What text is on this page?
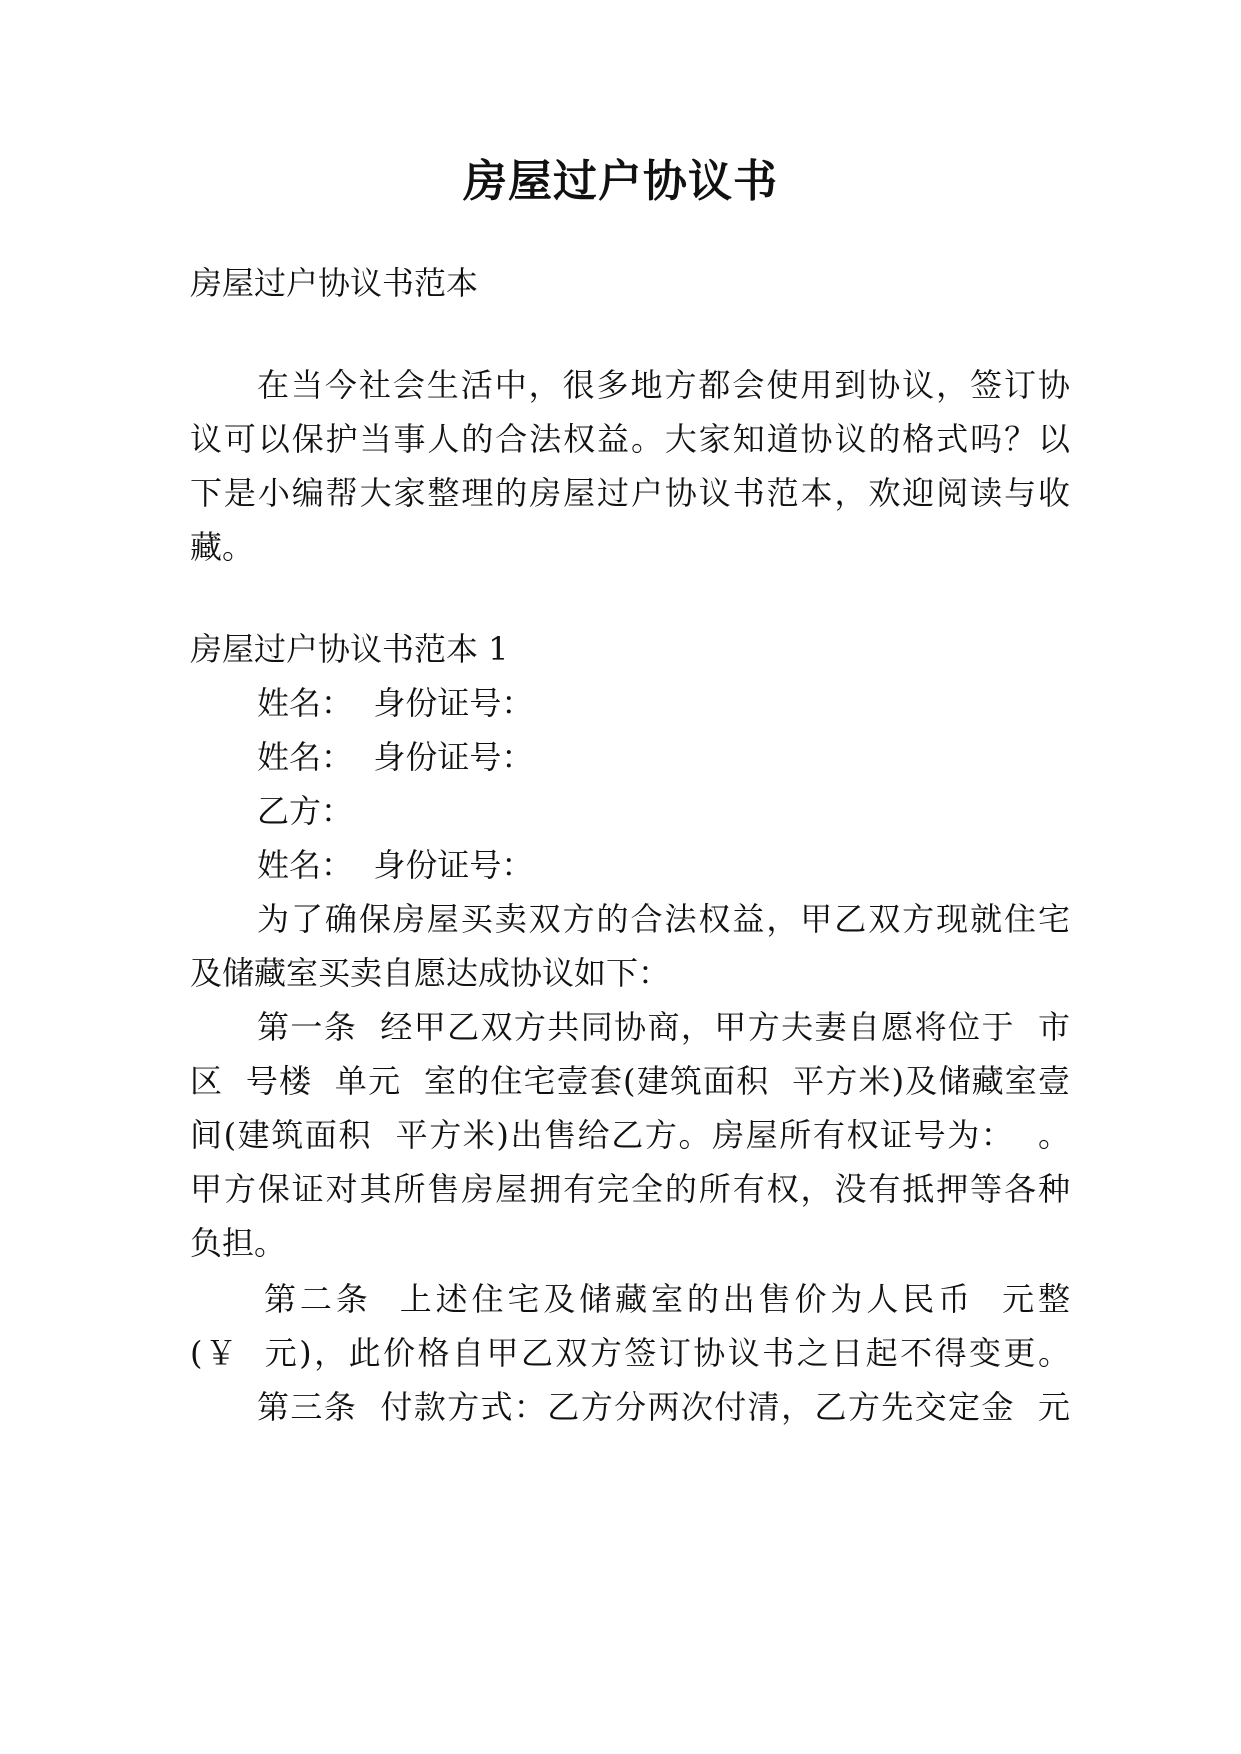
房屋过户协议书

房屋过户协议书范本

在当今社会生活中，很多地方都会使用到协议，签订协

议可以保护当事人的合法权益。大家知道协议的格式吗？以

下是小编帮大家整理的房屋过户协议书范本，欢迎阅读与收

藏。

房屋过户协议书范本 1

姓名：  身份证号：

姓名：  身份证号：

乙方：

姓名：  身份证号：

为了确保房屋买卖双方的合法权益，甲乙双方现就住宅

及储藏室买卖自愿达成协议如下：

第一条  经甲乙双方共同协商，甲方夫妻自愿将位于  市

区  号楼  单元  室的住宅壹套(建筑面积  平方米)及储藏室壹

间(建筑面积  平方米)出售给乙方。房屋所有权证号为：  。

甲方保证对其所售房屋拥有完全的所有权，没有抵押等各种

负担。

第二条  上述住宅及储藏室的出售价为人民币  元整

(￥  元)，此价格自甲乙双方签订协议书之日起不得变更。

第三条  付款方式：乙方分两次付清，乙方先交定金  元
